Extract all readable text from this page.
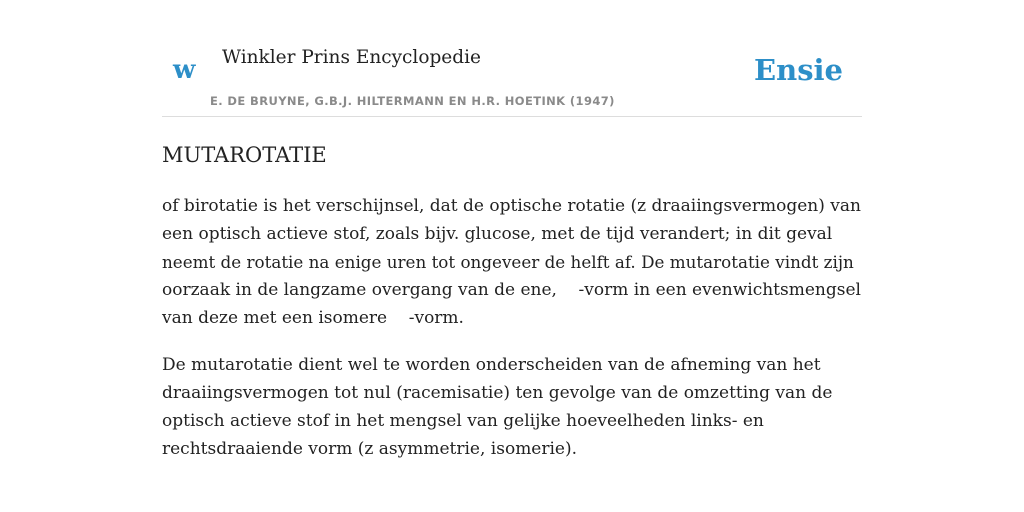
w Winkler Prins Encyclopedie
E. DE BRUYNE, G.B.J. HILTERMANN EN H.R. HOETINK (1947)
Ensie
MUTAROTATIE

of birotatie is het verschijnsel, dat de optische rotatie (z draaiingsvermogen) van
een optisch actieve stof, zoals bijv. glucose, met de tijd verandert; in dit geval
neemt de rotatie na enige uren tot ongeveer de helft af. De mutarotatie vindt zijn
oorzaak in de langzame overgang van de ene,    -vorm in een evenwichtsmengsel
van deze met een isomere    -vorm.

De mutarotatie dient wel te worden onderscheiden van de afneming van het
draaiingsvermogen tot nul (racemisatie) ten gevolge van de omzetting van de
optisch actieve stof in het mengsel van gelijke hoeveelheden links- en
rechtsdraaiende vorm (z asymmetrie, isomerie).
